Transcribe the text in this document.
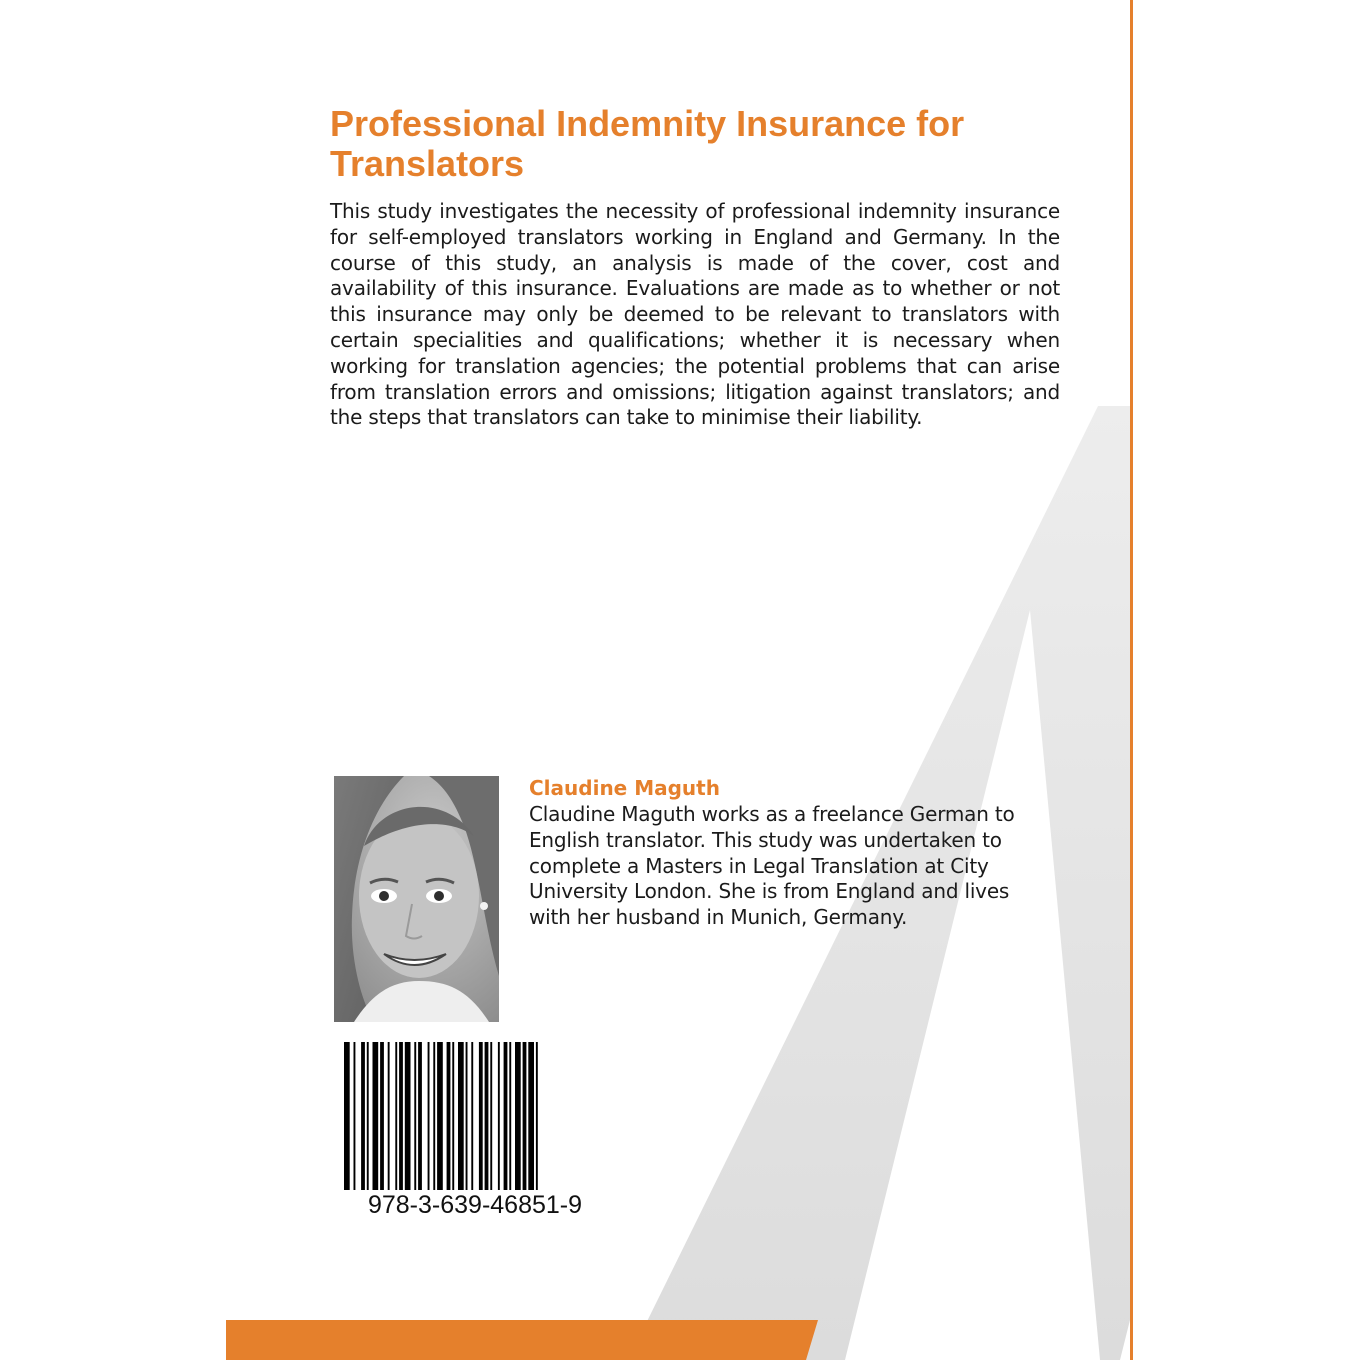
Professional Indemnity Insurance for Translators

This study investigates the necessity of professional indemnity insurance for self-employed translators working in England and Germany. In the course of this study, an analysis is made of the cover, cost and availability of this insurance. Evaluations are made as to whether or not this insurance may only be deemed to be relevant to translators with certain specialities and qualifications; whether it is necessary when working for translation agencies; the potential problems that can arise from translation errors and omissions; litigation against translators; and the steps that translators can take to minimise their liability.

Claudine Maguth

Claudine Maguth works as a freelance German to English translator. This study was undertaken to complete a Masters in Legal Translation at City University London. She is from England and lives with her husband in Munich, Germany.

978-3-639-46851-9
